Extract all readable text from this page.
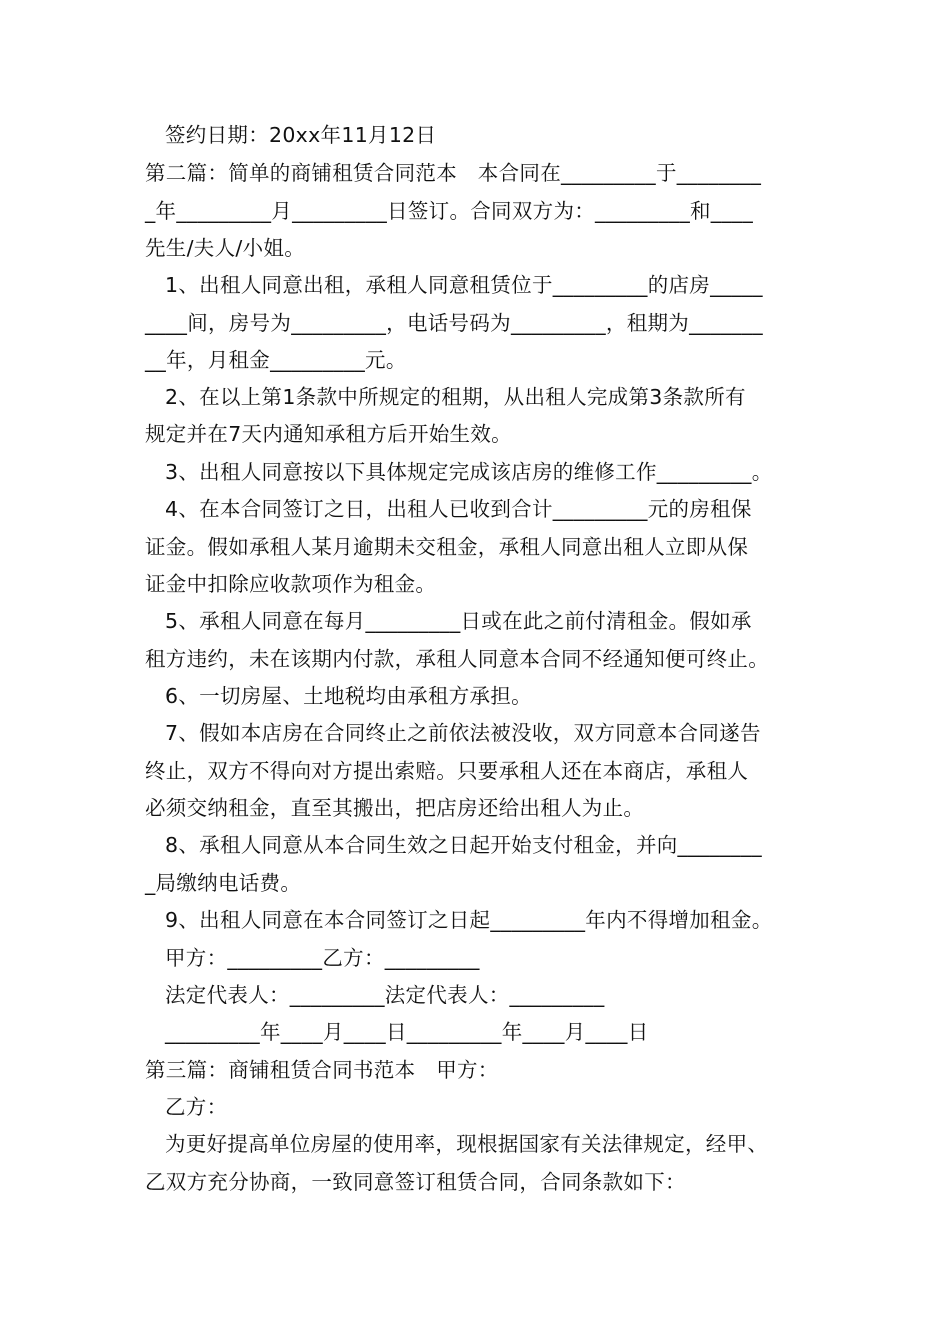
签约日期：20xx年11月12日
第二篇：简单的商铺租赁合同范本　本合同在_________于________
_年_________月_________日签订。合同双方为：_________和____
先生/夫人/小姐。
1、出租人同意出租，承租人同意租赁位于_________的店房_____
____间，房号为_________，电话号码为_________，租期为_______
__年，月租金_________元。
2、在以上第1条款中所规定的租期，从出租人完成第3条款所有
规定并在7天内通知承租方后开始生效。
3、出租人同意按以下具体规定完成该店房的维修工作_________。
4、在本合同签订之日，出租人已收到合计_________元的房租保
证金。假如承租人某月逾期未交租金，承租人同意出租人立即从保
证金中扣除应收款项作为租金。
5、承租人同意在每月_________日或在此之前付清租金。假如承
租方违约，未在该期内付款，承租人同意本合同不经通知便可终止。
6、一切房屋、土地税均由承租方承担。
7、假如本店房在合同终止之前依法被没收，双方同意本合同遂告
终止，双方不得向对方提出索赔。只要承租人还在本商店，承租人
必须交纳租金，直至其搬出，把店房还给出租人为止。
8、承租人同意从本合同生效之日起开始支付租金，并向________
_局缴纳电话费。
9、出租人同意在本合同签订之日起_________年内不得增加租金。
甲方：_________乙方：_________
法定代表人：_________法定代表人：_________
_________年____月____日_________年____月____日
第三篇：商铺租赁合同书范本　甲方：
乙方：
为更好提高单位房屋的使用率，现根据国家有关法律规定，经甲、
乙双方充分协商，一致同意签订租赁合同，合同条款如下：
